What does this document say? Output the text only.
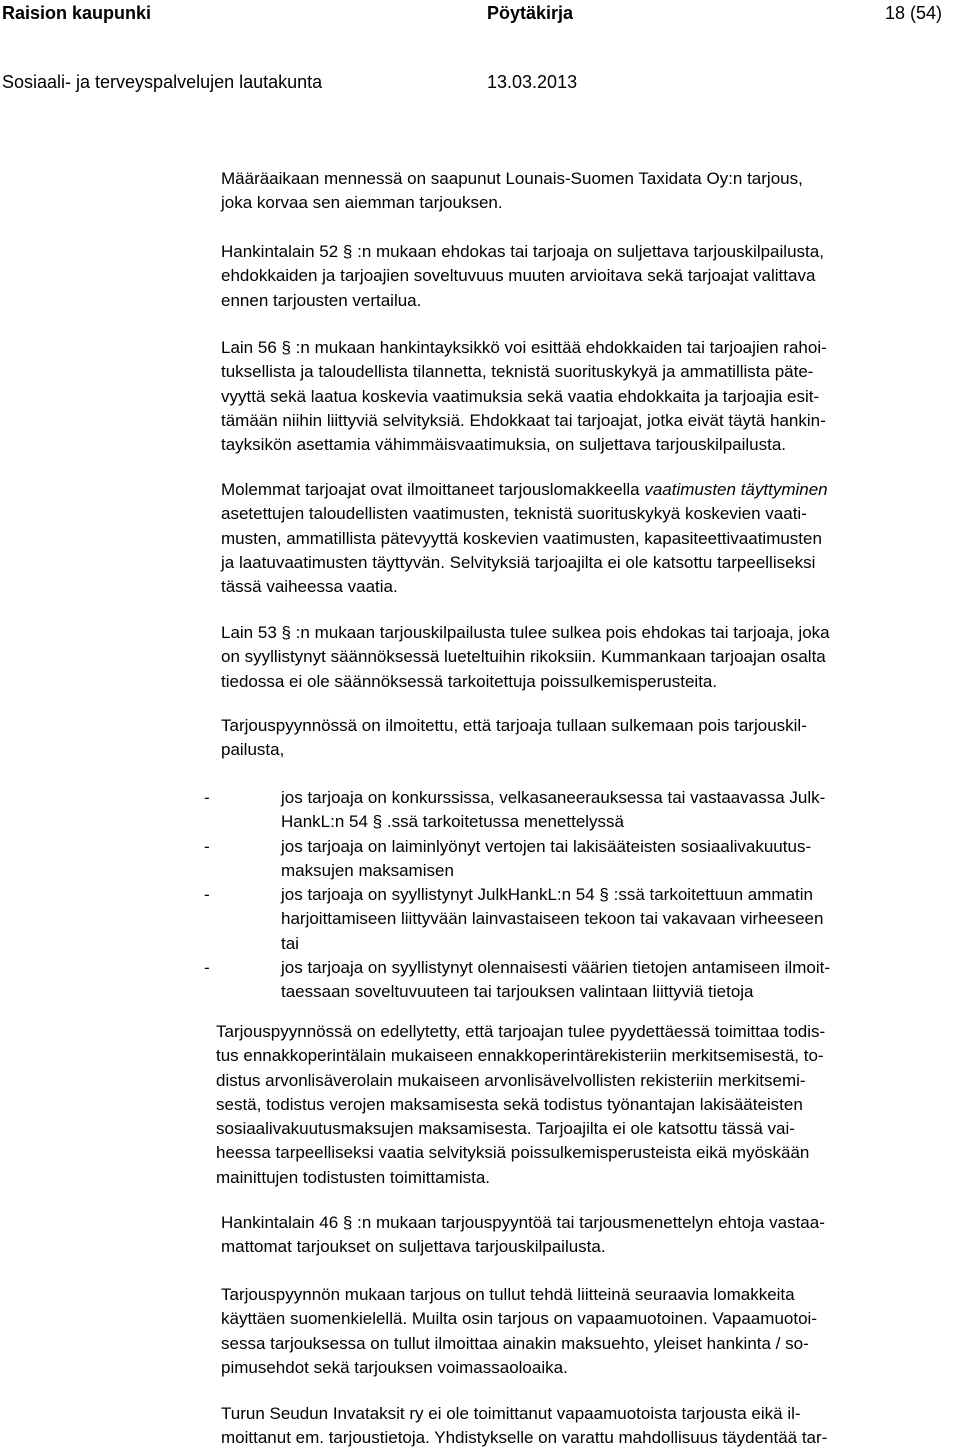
Raision kaupunki	Pöytäkirja	18 (54)
Sosiaali- ja terveyspalvelujen lautakunta	13.03.2013
Määräaikaan mennessä on saapunut Lounais-Suomen Taxidata Oy:n tarjous,
joka korvaa sen aiemman tarjouksen.
Hankintalain 52 § :n mukaan ehdokas tai tarjoaja on suljettava tarjouskilpailusta,
ehdokkaiden ja tarjoajien soveltuvuus muuten arvioitava sekä tarjoajat valittava
ennen tarjousten vertailua.
Lain 56 § :n mukaan hankintayksikkö voi esittää ehdokkaiden tai tarjoajien rahoi-
tuksellista ja taloudellista tilannetta, teknistä suorituskykyä ja ammatillista päte-
vyyttä sekä laatua koskevia vaatimuksia sekä vaatia ehdokkaita ja tarjoajia esit-
tämään niihin liittyviä selvityksiä. Ehdokkaat tai tarjoajat, jotka eivät täytä hankin-
tayksikön asettamia vähimmäisvaatimuksia, on suljettava tarjouskilpailusta.
Molemmat tarjoajat ovat ilmoittaneet tarjouslomakkeella vaatimusten täyttyminen
asetettujen taloudellisten vaatimusten, teknistä suorituskykyä koskevien vaati-
musten, ammatillista pätevyyttä koskevien vaatimusten, kapasiteettivaatimusten
ja laatuvaatimusten täyttyvän. Selvityksiä tarjoajilta ei ole katsottu tarpeelliseksi
tässä vaiheessa vaatia.
Lain 53 § :n mukaan tarjouskilpailusta tulee sulkea pois ehdokas tai tarjoaja, joka
on syyllistynyt säännöksessä lueteltuihin rikoksiin. Kummankaan tarjoajan osalta
tiedossa ei ole säännöksessä tarkoitettuja poissulkemisperusteita.
Tarjouspyynnössä on ilmoitettu, että tarjoaja tullaan sulkemaan pois tarjouskil-
pailusta,
-	jos tarjoaja on konkurssissa, velkasaneerauksessa tai vastaavassa Julk-
HankL:n 54 § .ssä tarkoitetussa menettelyssä
-	jos tarjoaja on laiminlyönyt vertojen tai lakisääteisten sosiaalivakuutus-
maksujen maksamisen
-	jos tarjoaja on syyllistynyt JulkHankL:n 54 § :ssä tarkoitettuun ammatin
harjoittamiseen liittyvään lainvastaiseen tekoon tai vakavaan virheeseen
tai
-	jos tarjoaja on syyllistynyt olennaisesti väärien tietojen antamiseen ilmoit-
taessaan soveltuvuuteen tai tarjouksen valintaan liittyviä tietoja
Tarjouspyynnössä on edellytetty, että tarjoajan tulee pyydettäessä toimittaa todis-
tus ennakkoperintälain mukaiseen ennakkoperintärekisteriin merkitsemisestä, to-
distus arvonlisäverolain mukaiseen arvonlisävelvollisten rekisteriin merkitsemi-
sestä, todistus verojen maksamisesta sekä todistus työnantajan lakisääteisten
sosiaalivakuutusmaksujen maksamisesta. Tarjoajilta ei ole katsottu tässä vai-
heessa tarpeelliseksi vaatia selvityksiä poissulkemisperusteista eikä myöskään
mainittujen todistusten toimittamista.
Hankintalain 46 § :n mukaan tarjouspyyntöä tai tarjousmenettelyn ehtoja vastaa-
mattomat tarjoukset on suljettava tarjouskilpailusta.
Tarjouspyynnön mukaan tarjous on tullut tehdä liitteinä seuraavia lomakkeita
käyttäen suomenkielellä. Muilta osin tarjous on vapaamuotoinen. Vapaamuotoi-
sessa tarjouksessa on tullut ilmoittaa ainakin maksuehto, yleiset hankinta / so-
pimusehdot sekä tarjouksen voimassaoloaika.
Turun Seudun Invataksit ry ei ole toimittanut vapaamuotoista tarjousta eikä il-
moittanut em. tarjoustietoja. Yhdistykselle on varattu mahdollisuus täydentää tar-
